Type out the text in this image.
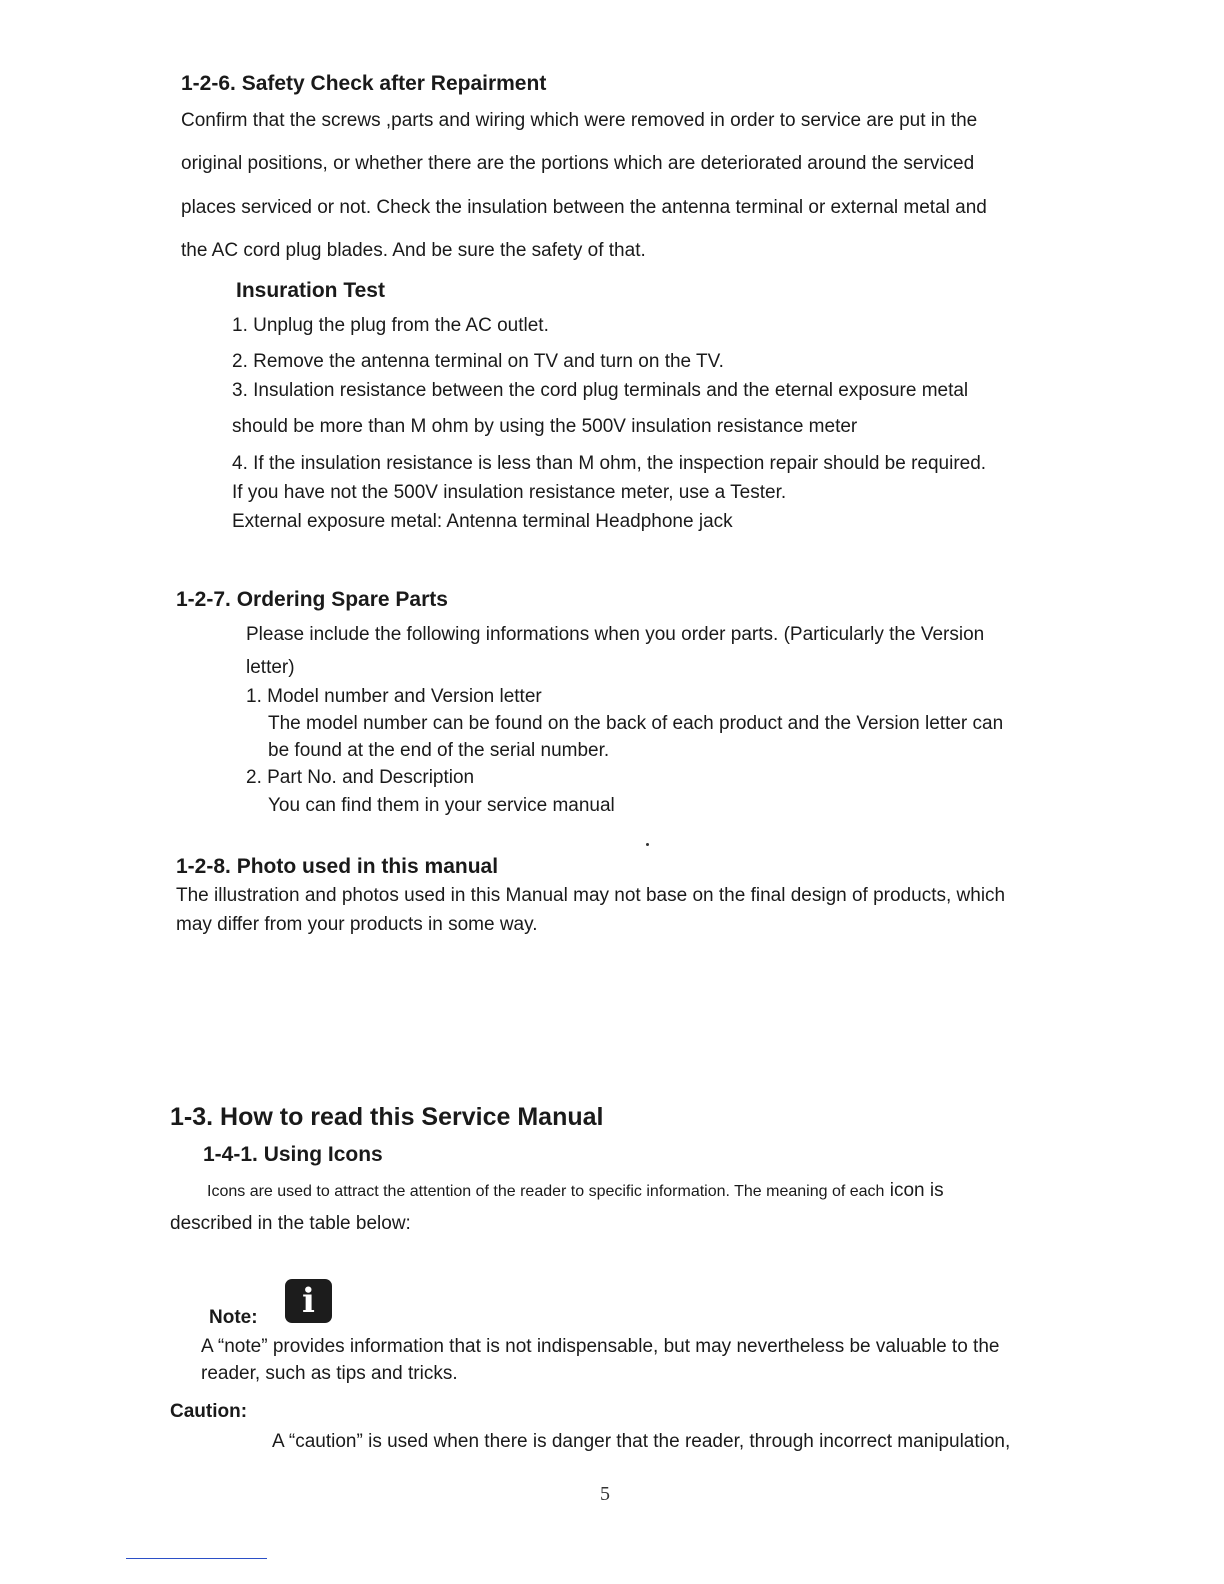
1-2-6. Safety Check after Repairment
Confirm that the screws ,parts and wiring which were removed in order to service are put in the
original positions, or whether there are the portions which are deteriorated around the serviced
places serviced or not. Check the insulation between the antenna terminal or external metal and
the AC cord plug blades. And be sure the safety of that.
Insuration Test
1. Unplug the plug from the AC outlet.
2. Remove the antenna terminal on TV and turn on the TV.
3. Insulation resistance between the cord plug terminals and the eternal exposure metal
should be more than M ohm by using the 500V insulation resistance meter
4. If the insulation resistance is less than M ohm, the inspection repair should be required.
If you have not the 500V insulation resistance meter, use a Tester.
External exposure metal: Antenna terminal Headphone jack
1-2-7. Ordering Spare Parts
Please include the following informations when you order parts. (Particularly the Version
letter)
1. Model number and Version letter
The model number can be found on the back of each product and the Version letter can
be found at the end of the serial number.
2. Part No. and Description
You can find them in your service manual
1-2-8. Photo used in this manual
The illustration and photos used in this Manual may not base on the final design of products, which
may differ from your products in some way.
1-3. How to read this Service Manual
1-4-1. Using Icons
Icons are used to attract the attention of the reader to specific information. The meaning of each icon is
described in the table below:
Note:	i
A “note” provides information that is not indispensable, but may nevertheless be valuable to the
reader, such as tips and tricks.
Caution:
A “caution” is used when there is danger that the reader, through incorrect manipulation,
5
